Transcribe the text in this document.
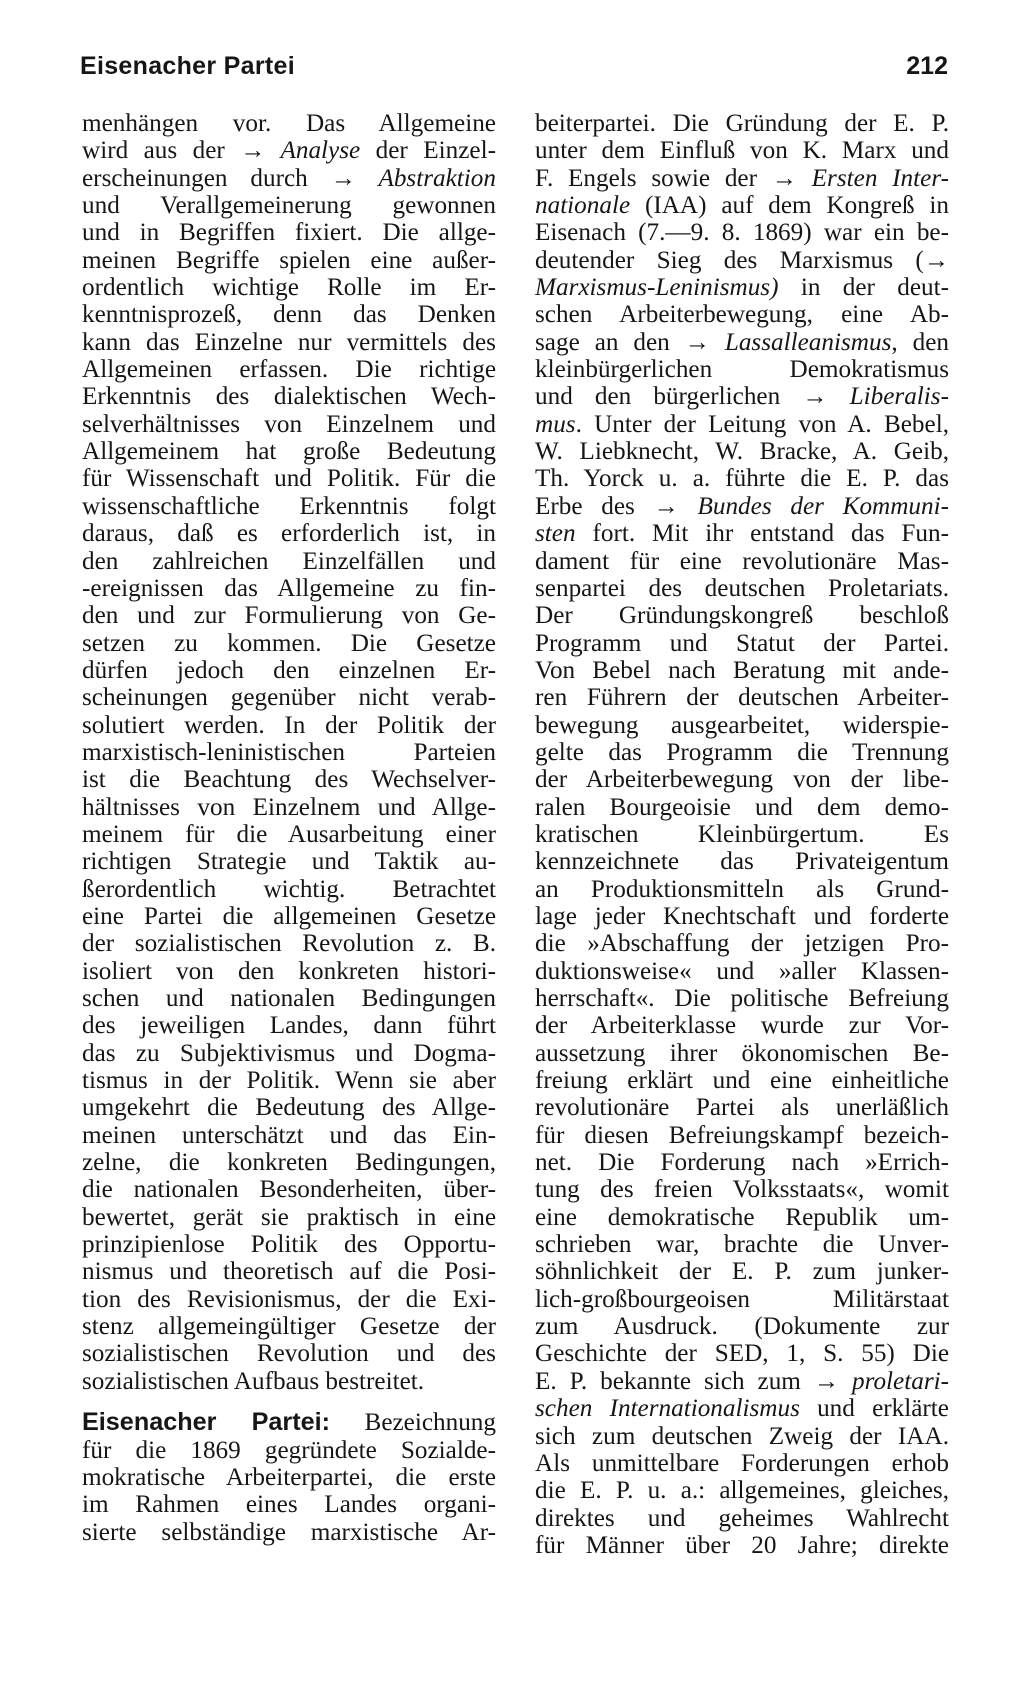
Eisenacher Partei	212
menhängen vor. Das Allgemeine
wird aus der → Analyse der Einzel-
erscheinungen durch → Abstraktion
und Verallgemeinerung gewonnen
und in Begriffen fixiert. Die allge-
meinen Begriffe spielen eine außer-
ordentlich wichtige Rolle im Er-
kenntnisprozeß, denn das Denken
kann das Einzelne nur vermittels des
Allgemeinen erfassen. Die richtige
Erkenntnis des dialektischen Wech-
selverhältnisses von Einzelnem und
Allgemeinem hat große Bedeutung
für Wissenschaft und Politik. Für die
wissenschaftliche Erkenntnis folgt
daraus, daß es erforderlich ist, in
den zahlreichen Einzelfällen und
-ereignissen das Allgemeine zu fin-
den und zur Formulierung von Ge-
setzen zu kommen. Die Gesetze
dürfen jedoch den einzelnen Er-
scheinungen gegenüber nicht verab-
solutiert werden. In der Politik der
marxistisch-leninistischen Parteien
ist die Beachtung des Wechselver-
hältnisses von Einzelnem und Allge-
meinem für die Ausarbeitung einer
richtigen Strategie und Taktik au-
ßerordentlich wichtig. Betrachtet
eine Partei die allgemeinen Gesetze
der sozialistischen Revolution z. B.
isoliert von den konkreten histori-
schen und nationalen Bedingungen
des jeweiligen Landes, dann führt
das zu Subjektivismus und Dogma-
tismus in der Politik. Wenn sie aber
umgekehrt die Bedeutung des Allge-
meinen unterschätzt und das Ein-
zelne, die konkreten Bedingungen,
die nationalen Besonderheiten, über-
bewertet, gerät sie praktisch in eine
prinzipienlose Politik des Opportu-
nismus und theoretisch auf die Posi-
tion des Revisionismus, der die Exi-
stenz allgemeingültiger Gesetze der
sozialistischen Revolution und des
sozialistischen Aufbaus bestreitet.
Eisenacher Partei: Bezeichnung
für die 1869 gegründete Sozialde-
mokratische Arbeiterpartei, die erste
im Rahmen eines Landes organi-
sierte selbständige marxistische Ar-
beiterpartei. Die Gründung der E. P.
unter dem Einfluß von K. Marx und
F. Engels sowie der → Ersten Inter-
nationale (IAA) auf dem Kongreß in
Eisenach (7.—9. 8. 1869) war ein be-
deutender Sieg des Marxismus (→
Marxismus-Leninismus) in der deut-
schen Arbeiterbewegung, eine Ab-
sage an den → Lassalleanismus, den
kleinbürgerlichen Demokratismus
und den bürgerlichen → Liberalis-
mus. Unter der Leitung von A. Bebel,
W. Liebknecht, W. Bracke, A. Geib,
Th. Yorck u. a. führte die E. P. das
Erbe des → Bundes der Kommuni-
sten fort. Mit ihr entstand das Fun-
dament für eine revolutionäre Mas-
senpartei des deutschen Proletariats.
Der Gründungskongreß beschloß
Programm und Statut der Partei.
Von Bebel nach Beratung mit ande-
ren Führern der deutschen Arbeiter-
bewegung ausgearbeitet, widerspie-
gelte das Programm die Trennung
der Arbeiterbewegung von der libe-
ralen Bourgeoisie und dem demo-
kratischen Kleinbürgertum. Es
kennzeichnete das Privateigentum
an Produktionsmitteln als Grund-
lage jeder Knechtschaft und forderte
die »Abschaffung der jetzigen Pro-
duktionsweise« und »aller Klassen-
herrschaft«. Die politische Befreiung
der Arbeiterklasse wurde zur Vor-
aussetzung ihrer ökonomischen Be-
freiung erklärt und eine einheitliche
revolutionäre Partei als unerläßlich
für diesen Befreiungskampf bezeich-
net. Die Forderung nach »Errich-
tung des freien Volksstaats«, womit
eine demokratische Republik um-
schrieben war, brachte die Unver-
söhnlichkeit der E. P. zum junker-
lich-großbourgeoisen Militärstaat
zum Ausdruck. (Dokumente zur
Geschichte der SED, 1, S. 55) Die
E. P. bekannte sich zum → proletari-
schen Internationalismus und erklärte
sich zum deutschen Zweig der IAA.
Als unmittelbare Forderungen erhob
die E. P. u. a.: allgemeines, gleiches,
direktes und geheimes Wahlrecht
für Männer über 20 Jahre; direkte
